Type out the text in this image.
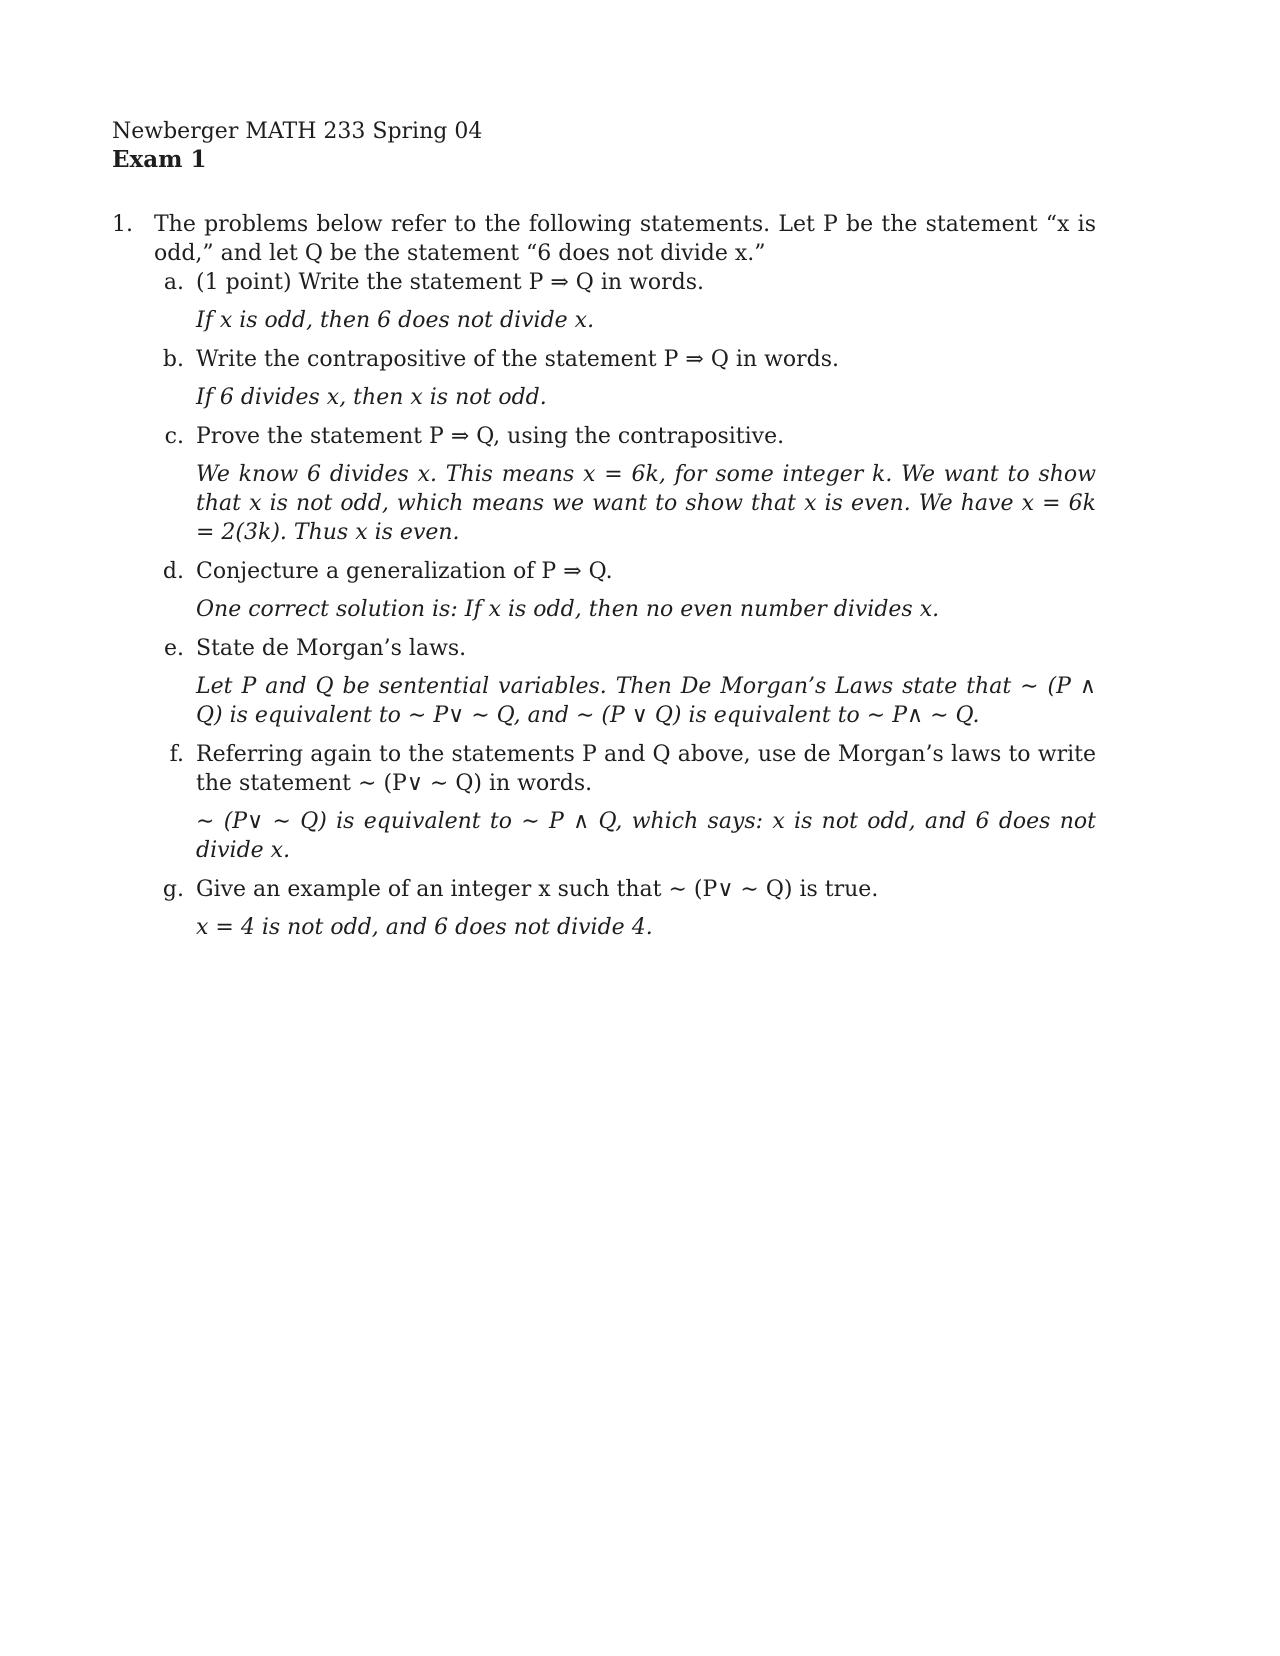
Newberger MATH 233 Spring 04
Exam 1
1. The problems below refer to the following statements. Let P be the statement “x is odd,” and let Q be the statement “6 does not divide x.”
a. (1 point) Write the statement P ⇒ Q in words.
If x is odd, then 6 does not divide x.
b. Write the contrapositive of the statement P ⇒ Q in words.
If 6 divides x, then x is not odd.
c. Prove the statement P ⇒ Q, using the contrapositive.
We know 6 divides x. This means x = 6k, for some integer k. We want to show that x is not odd, which means we want to show that x is even. We have x = 6k = 2(3k). Thus x is even.
d. Conjecture a generalization of P ⇒ Q.
One correct solution is: If x is odd, then no even number divides x.
e. State de Morgan’s laws.
Let P and Q be sentential variables. Then De Morgan’s Laws state that ∼ (P ∧ Q) is equivalent to ∼ P∨ ∼ Q, and ∼ (P ∨ Q) is equivalent to ∼ P∧ ∼ Q.
f. Referring again to the statements P and Q above, use de Morgan’s laws to write the statement ∼ (P∨ ∼ Q) in words.
∼ (P∨ ∼ Q) is equivalent to ∼ P ∧ Q, which says: x is not odd, and 6 does not divide x.
g. Give an example of an integer x such that ∼ (P∨ ∼ Q) is true.
x = 4 is not odd, and 6 does not divide 4.
